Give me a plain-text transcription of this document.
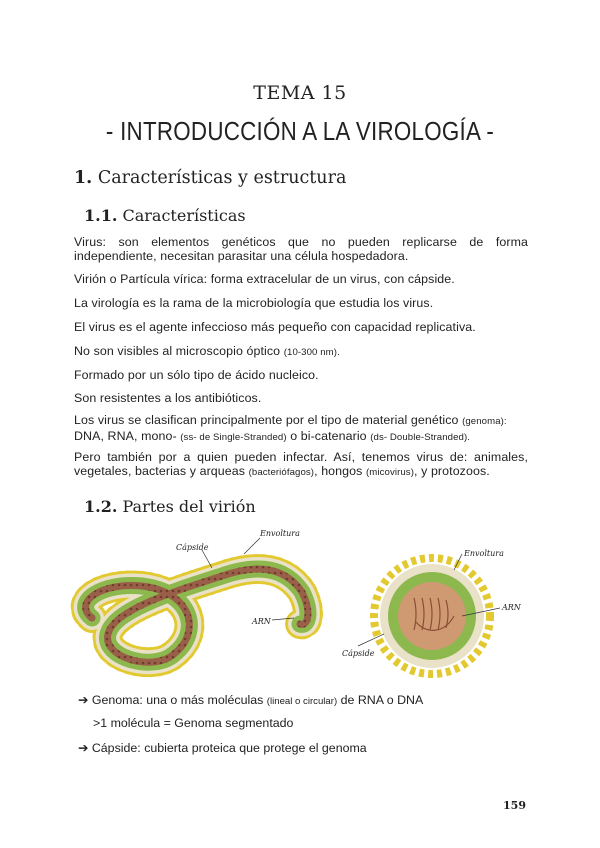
TEMA 15
- INTRODUCCIÓN A LA VIROLOGÍA -
1. Características y estructura
1.1. Características
Virus: son elementos genéticos que no pueden replicarse de forma independiente, necesitan parasitar una célula hospedadora.
Virión o Partícula vírica: forma extracelular de un virus, con cápside.
La virología es la rama de la microbiología que estudia los virus.
El virus es el agente infeccioso más pequeño con capacidad replicativa.
No son visibles al microscopio óptico (10-300 nm).
Formado por un sólo tipo de ácido nucleico.
Son resistentes a los antibióticos.
Los virus se clasifican principalmente por el tipo de material genético (genoma):
DNA, RNA, mono- (ss- de Single-Stranded) o bi-catenario (ds- Double-Stranded).
Pero también por a quien pueden infectar. Así, tenemos virus de: animales, vegetales, bacterias y arqueas (bacteriófagos), hongos (micovirus), y protozoos.
1.2. Partes del virión
Cápside
Envoltura
ARN
Envoltura
ARN
Cápside
➔ Genoma: una o más moléculas (lineal o circular) de RNA o DNA
>1 molécula = Genoma segmentado
➔ Cápside: cubierta proteica que protege el genoma
159
